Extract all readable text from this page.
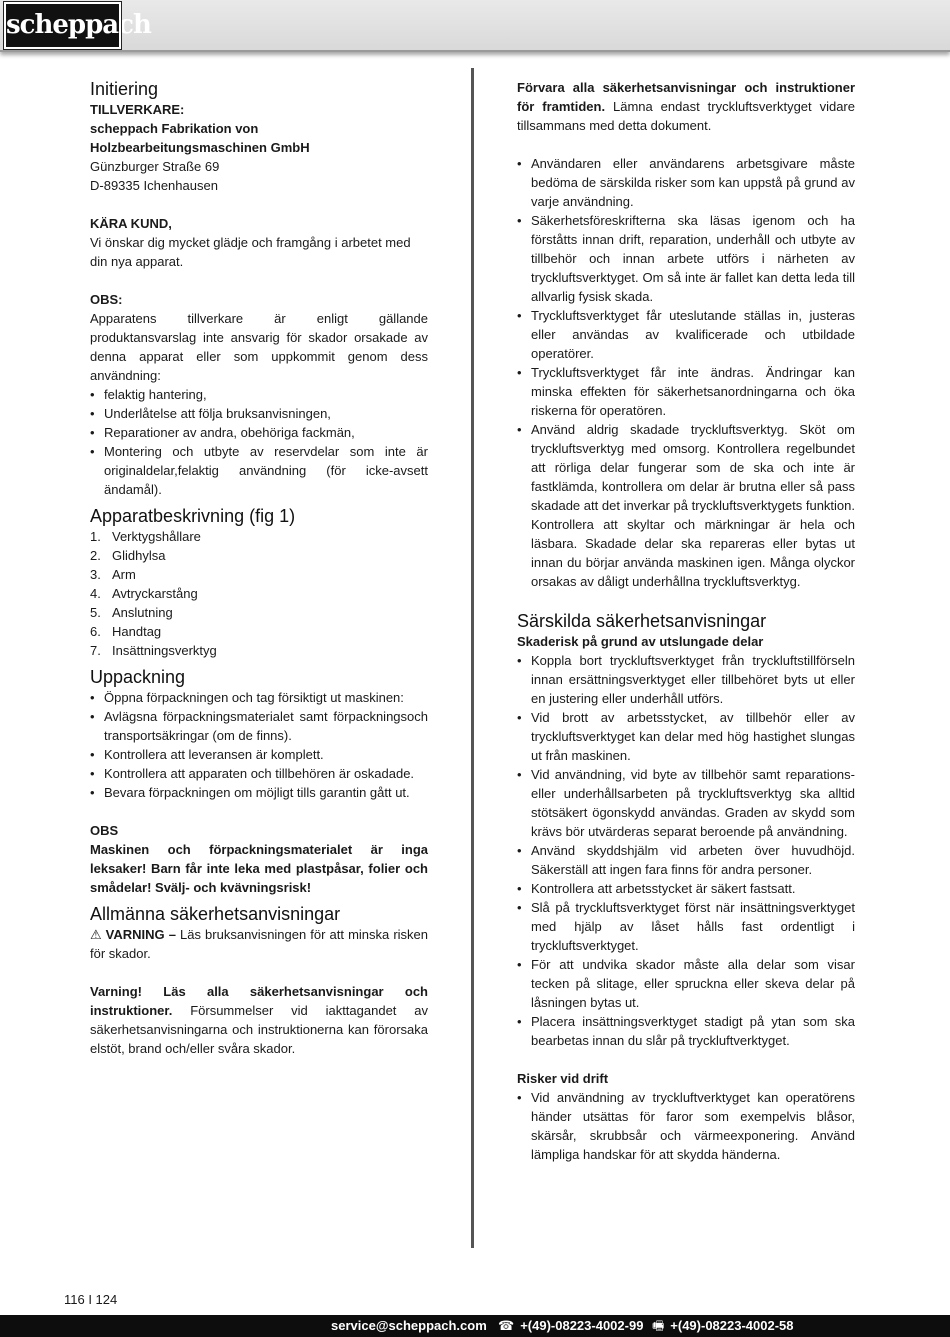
scheppach
Initiering

TILLVERKARE:

scheppach Fabrikation von

Holzbearbeitungsmaschinen GmbH

Günzburger Straße 69

D-89335 Ichenhausen

KÄRA KUND,

Vi önskar dig mycket glädje och framgång i arbetet med din nya apparat.

OBS:

Apparatens tillverkare är enligt gällande produktansvarslag inte ansvarig för skador orsakade av denna apparat eller som uppkommit genom dess användning:

• felaktig hantering,
• Underlåtelse att följa bruksanvisningen,
• Reparationer av andra, obehöriga fackmän,
• Montering och utbyte av reservdelar som inte är originaldelar,felaktig användning (för icke-avsett ändamål).
Apparatbeskrivning (fig 1)
1. Verktygshållare
2. Glidhylsa
3. Arm
4. Avtryckarstång
5. Anslutning
6. Handtag
7. Insättningsverktyg
Uppackning
• Öppna förpackningen och tag försiktigt ut maskinen:
• Avlägsna förpackningsmaterialet samt förpackningsoch transportsäkringar (om de finns).
• Kontrollera att leveransen är komplett.
• Kontrollera att apparaten och tillbehören är oskadade.
• Bevara förpackningen om möjligt tills garantin gått ut.

OBS

Maskinen och förpackningsmaterialet är inga leksaker! Barn får inte leka med plastpåsar, folier och smådelar! Svälj- och kvävningsrisk!

Allmänna säkerhetsanvisningar

⚠ VARNING – Läs bruksanvisningen för att minska risken för skador.

Varning! Läs alla säkerhetsanvisningar och instruktioner. Försummelser vid iakttagandet av säkerhetsanvisningarna och instruktionerna kan förorsaka elstöt, brand och/eller svåra skador.

Förvara alla säkerhetsanvisningar och instruktioner för framtiden. Lämna endast tryckluftsverktyget vidare tillsammans med detta dokument.

• Användaren eller användarens arbetsgivare måste bedöma de särskilda risker som kan uppstå på grund av varje användning.
• Säkerhetsföreskrifterna ska läsas igenom och ha förståtts innan drift, reparation, underhåll och utbyte av tillbehör och innan arbete utförs i närheten av tryckluftsverktyget. Om så inte är fallet kan detta leda till allvarlig fysisk skada.
• Tryckluftsverktyget får uteslutande ställas in, justeras eller användas av kvalificerade och utbildade operatörer.
• Tryckluftsverktyget får inte ändras. Ändringar kan minska effekten för säkerhetsanordningarna och öka riskerna för operatören.
• Använd aldrig skadade tryckluftsverktyg. Sköt om tryckluftsverktyg med omsorg. Kontrollera regelbundet att rörliga delar fungerar som de ska och inte är fastklämda, kontrollera om delar är brutna eller så pass skadade att det inverkar på tryckluftsverktygets funktion. Kontrollera att skyltar och märkningar är hela och läsbara. Skadade delar ska repareras eller bytas ut innan du börjar använda maskinen igen. Många olyckor orsakas av dåligt underhållna tryckluftsverktyg.
Särskilda säkerhetsanvisningar

Skaderisk på grund av utslungade delar

• Koppla bort tryckluftsverktyget från tryckluftstillförseln innan ersättningsverktyget eller tillbehöret byts ut eller en justering eller underhåll utförs.
• Vid brott av arbetsstycket, av tillbehör eller av tryckluftsverktyget kan delar med hög hastighet slungas ut från maskinen.
• Vid användning, vid byte av tillbehör samt reparations- eller underhållsarbeten på tryckluftsverktyg ska alltid stötsäkert ögonskydd användas. Graden av skydd som krävs bör utvärderas separat beroende på användning.
• Använd skyddshjälm vid arbeten över huvudhöjd. Säkerställ att ingen fara finns för andra personer.
• Kontrollera att arbetsstycket är säkert fastsatt.
• Slå på tryckluftsverktyget först när insättningsverktyget med hjälp av låset hålls fast ordentligt i tryckluftsverktyget.
• För att undvika skador måste alla delar som visar tecken på slitage, eller spruckna eller skeva delar på låsningen bytas ut.
• Placera insättningsverktyget stadigt på ytan som ska bearbetas innan du slår på tryckluftverktyget.

Risker vid drift

• Vid användning av tryckluftverktyget kan operatörens händer utsättas för faror som exempelvis blåsor, skärsår, skrubbsår och värmeexponering. Använd lämpliga handskar för att skydda händerna.
116 I 124
service@scheppach.com ☎ +(49)-08223-4002-99 🖷 +(49)-08223-4002-58
